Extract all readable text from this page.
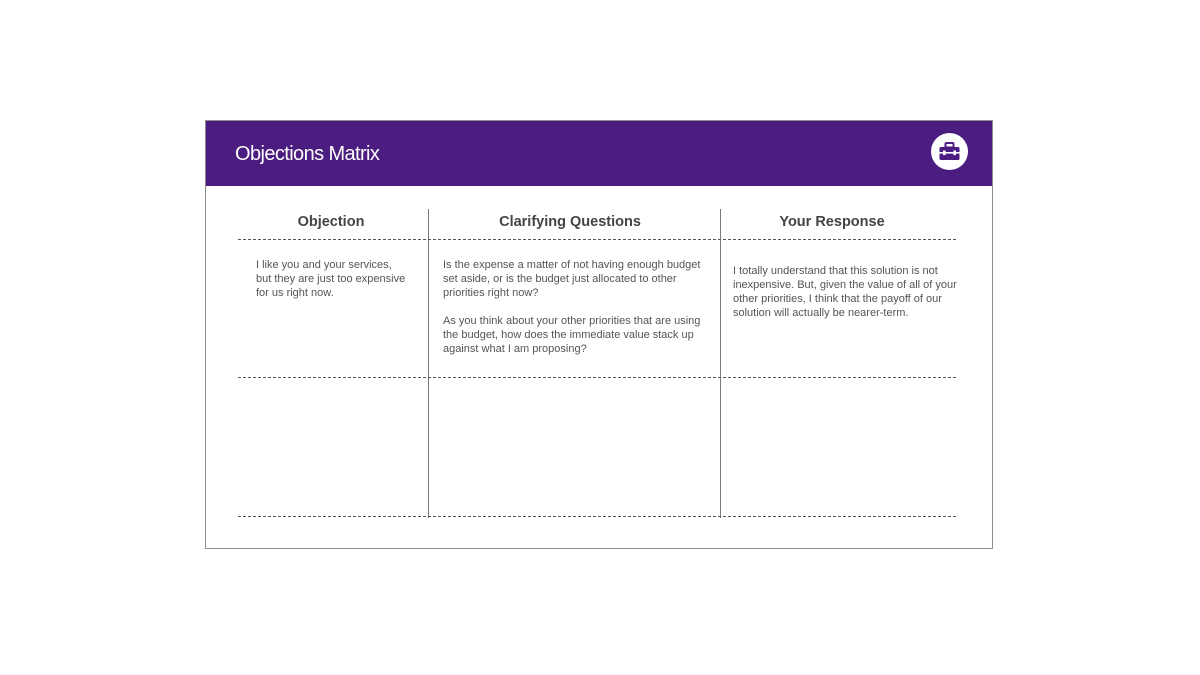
Objections Matrix
Objection	Clarifying Questions	Your Response

I like you and your services, but they are just too expensive for us right now.

Is the expense a matter of not having enough budget set aside, or is the budget just allocated to other priorities right now?

As you think about your other priorities that are using the budget, how does the immediate value stack up against what I am proposing?

I totally understand that this solution is not inexpensive. But, given the value of all of your other priorities, I think that the payoff of our solution will actually be nearer-term.
